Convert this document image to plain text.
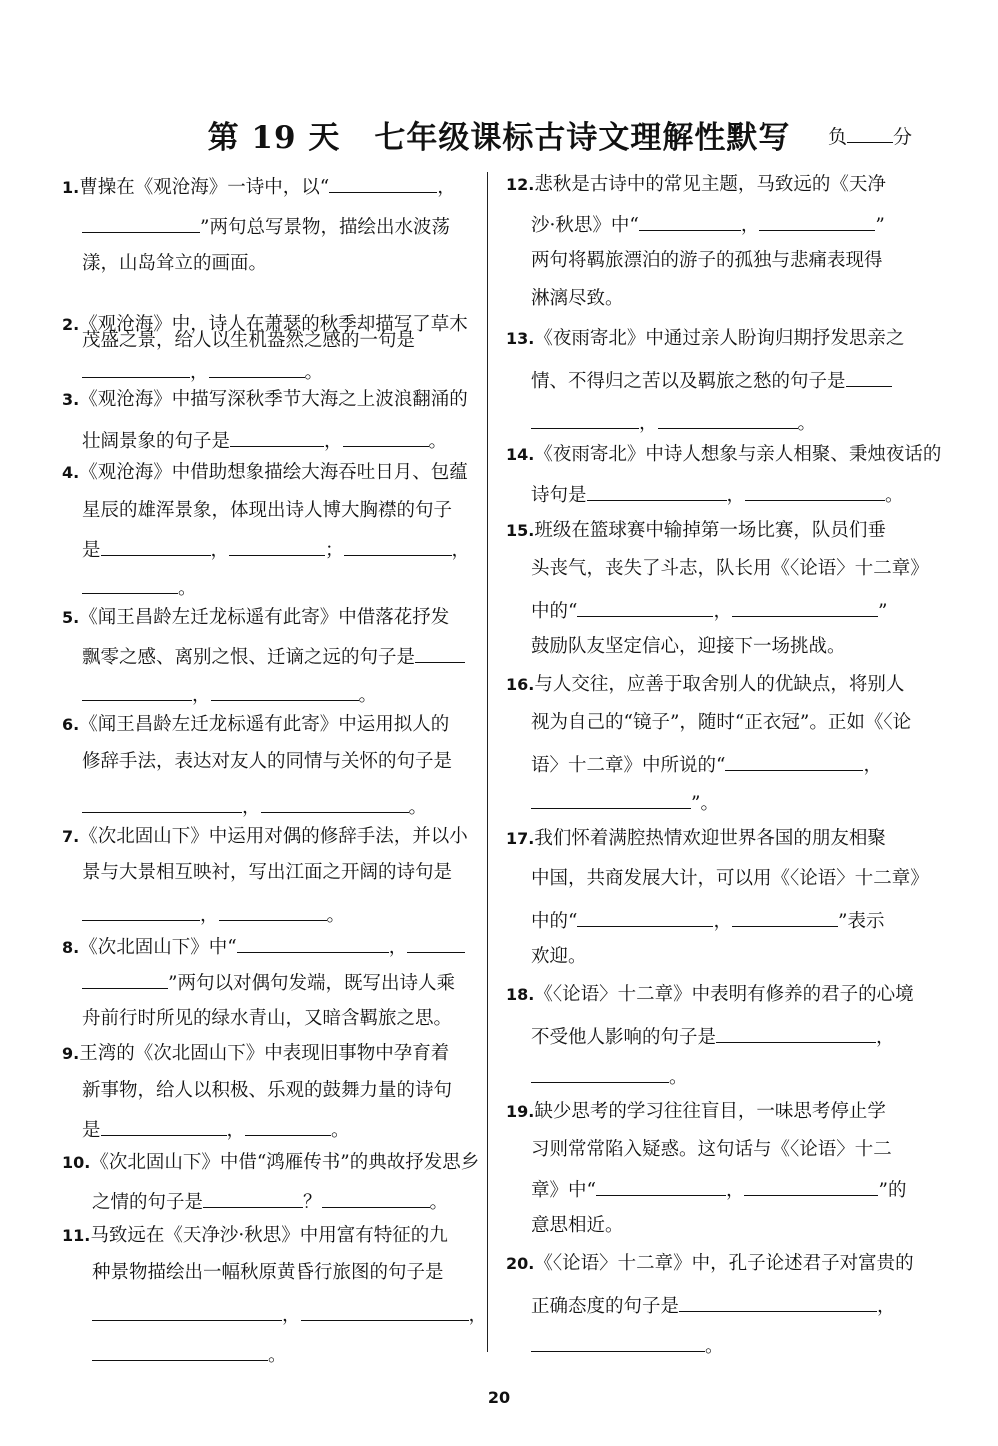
第 19 天 七年级课标古诗文理解性默写	负 分
1.曹操在《观沧海》一诗中，以“	，
”两句总写景物，描绘出水波荡
漾，山岛耸立的画面。
2.《观沧海》中，诗人在萧瑟的秋季却描写了草木
茂盛之景，给人以生机盎然之感的一句是
，	。
3.《观沧海》中描写深秋季节大海之上波浪翻涌的
壮阔景象的句子是	，	。
4.《观沧海》中借助想象描绘大海吞吐日月、包蕴
星辰的雄浑景象，体现出诗人博大胸襟的句子
是	，	；	，
。
5.《闻王昌龄左迁龙标遥有此寄》中借落花抒发
飘零之感、离别之恨、迁谪之远的句子是
，	。
6.《闻王昌龄左迁龙标遥有此寄》中运用拟人的
修辞手法，表达对友人的同情与关怀的句子是
，	。
7.《次北固山下》中运用对偶的修辞手法，并以小
景与大景相互映衬，写出江面之开阔的诗句是
，	。
8.《次北固山下》中“	，
”两句以对偶句发端，既写出诗人乘
舟前行时所见的绿水青山，又暗含羁旅之思。
9.王湾的《次北固山下》中表现旧事物中孕育着
新事物，给人以积极、乐观的鼓舞力量的诗句
是	，	。
10.《次北固山下》中借“鸿雁传书”的典故抒发思乡
之情的句子是	？	。
11.马致远在《天净沙·秋思》中用富有特征的九
种景物描绘出一幅秋原黄昏行旅图的句子是
，	，
。
12.悲秋是古诗中的常见主题，马致远的《天净
沙·秋思》中“	，	”
两句将羁旅漂泊的游子的孤独与悲痛表现得
淋漓尽致。
13.《夜雨寄北》中通过亲人盼询归期抒发思亲之
情、不得归之苦以及羁旅之愁的句子是
，	。
14.《夜雨寄北》中诗人想象与亲人相聚、秉烛夜话的
诗句是	，	。
15.班级在篮球赛中输掉第一场比赛，队员们垂
头丧气，丧失了斗志，队长用《〈论语〉十二章》
中的“	，	”
鼓励队友坚定信心，迎接下一场挑战。
16.与人交往，应善于取舍别人的优缺点，将别人
视为自己的“镜子”，随时“正衣冠”。正如《〈论
语〉十二章》中所说的“	，
”。
17.我们怀着满腔热情欢迎世界各国的朋友相聚
中国，共商发展大计，可以用《〈论语〉十二章》
中的“	，	”表示
欢迎。
18.《〈论语〉十二章》中表明有修养的君子的心境
不受他人影响的句子是	，
。
19.缺少思考的学习往往盲目，一味思考停止学
习则常常陷入疑惑。这句话与《〈论语〉十二
章》中“	，	”的
意思相近。
20.《〈论语〉十二章》中，孔子论述君子对富贵的
正确态度的句子是	，
。
20
